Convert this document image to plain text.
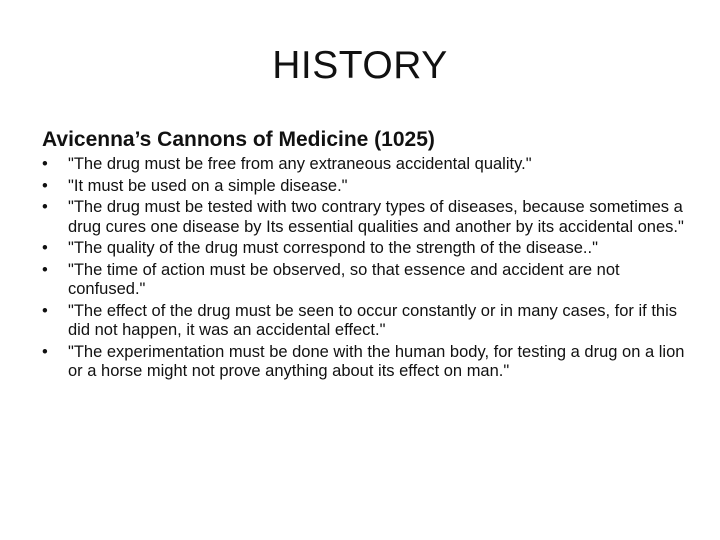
HISTORY
Avicenna’s Cannons of Medicine (1025)
•	"The drug must be free from any extraneous accidental quality."
•	"It must be used on a simple disease."
•	"The drug must be tested with two contrary types of diseases, because sometimes a drug cures one disease by Its essential qualities and another by its accidental ones."
•	"The quality of the drug must correspond to the strength of the disease.."
•	"The time of action must be observed, so that essence and accident are not confused."
•	"The effect of the drug must be seen to occur constantly or in many cases, for if this did not happen, it was an accidental effect."
•	"The experimentation must be done with the human body, for testing a drug on a lion or a horse might not prove anything about its effect on man."
